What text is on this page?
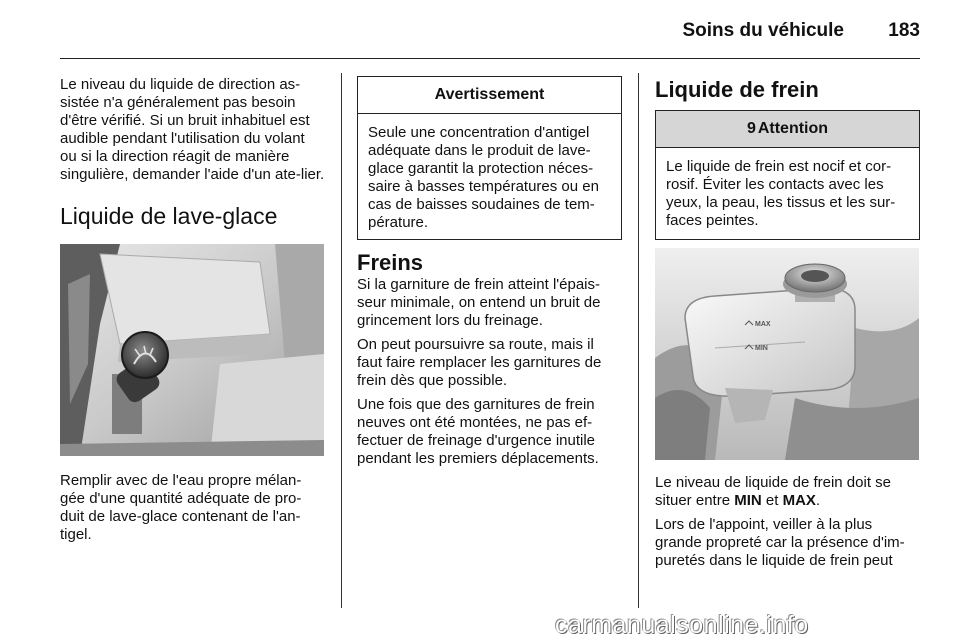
Soins du véhicule 183

Le niveau du liquide de direction as-sistée n'a généralement pas besoin d'être vérifié. Si un bruit inhabituel est audible pendant l'utilisation du volant ou si la direction réagit de manière singulière, demander l'aide d'un ate-lier.

Liquide de lave-glace

Remplir avec de l'eau propre mélan-gée d'une quantité adéquate de pro-duit de lave-glace contenant de l'an-tigel.

Avertissement
Seule une concentration d'antigel adéquate dans le produit de lave-glace garantit la protection néces-saire à basses températures ou en cas de baisses soudaines de tem-pérature.
Freins

Si la garniture de frein atteint l'épais-seur minimale, on entend un bruit de grincement lors du freinage.

On peut poursuivre sa route, mais il faut faire remplacer les garnitures de frein dès que possible.

Une fois que des garnitures de frein neuves ont été montées, ne pas ef-fectuer de freinage d'urgence inutile pendant les premiers déplacements.

Liquide de frein
9 Attention
Le liquide de frein est nocif et cor-rosif. Éviter les contacts avec les yeux, la peau, les tissus et les sur-faces peintes.
MAX
MIN

Le niveau de liquide de frein doit se situer entre MIN et MAX.

Lors de l'appoint, veiller à la plus grande propreté car la présence d'im-puretés dans le liquide de frein peut

carmanualsonline.info
